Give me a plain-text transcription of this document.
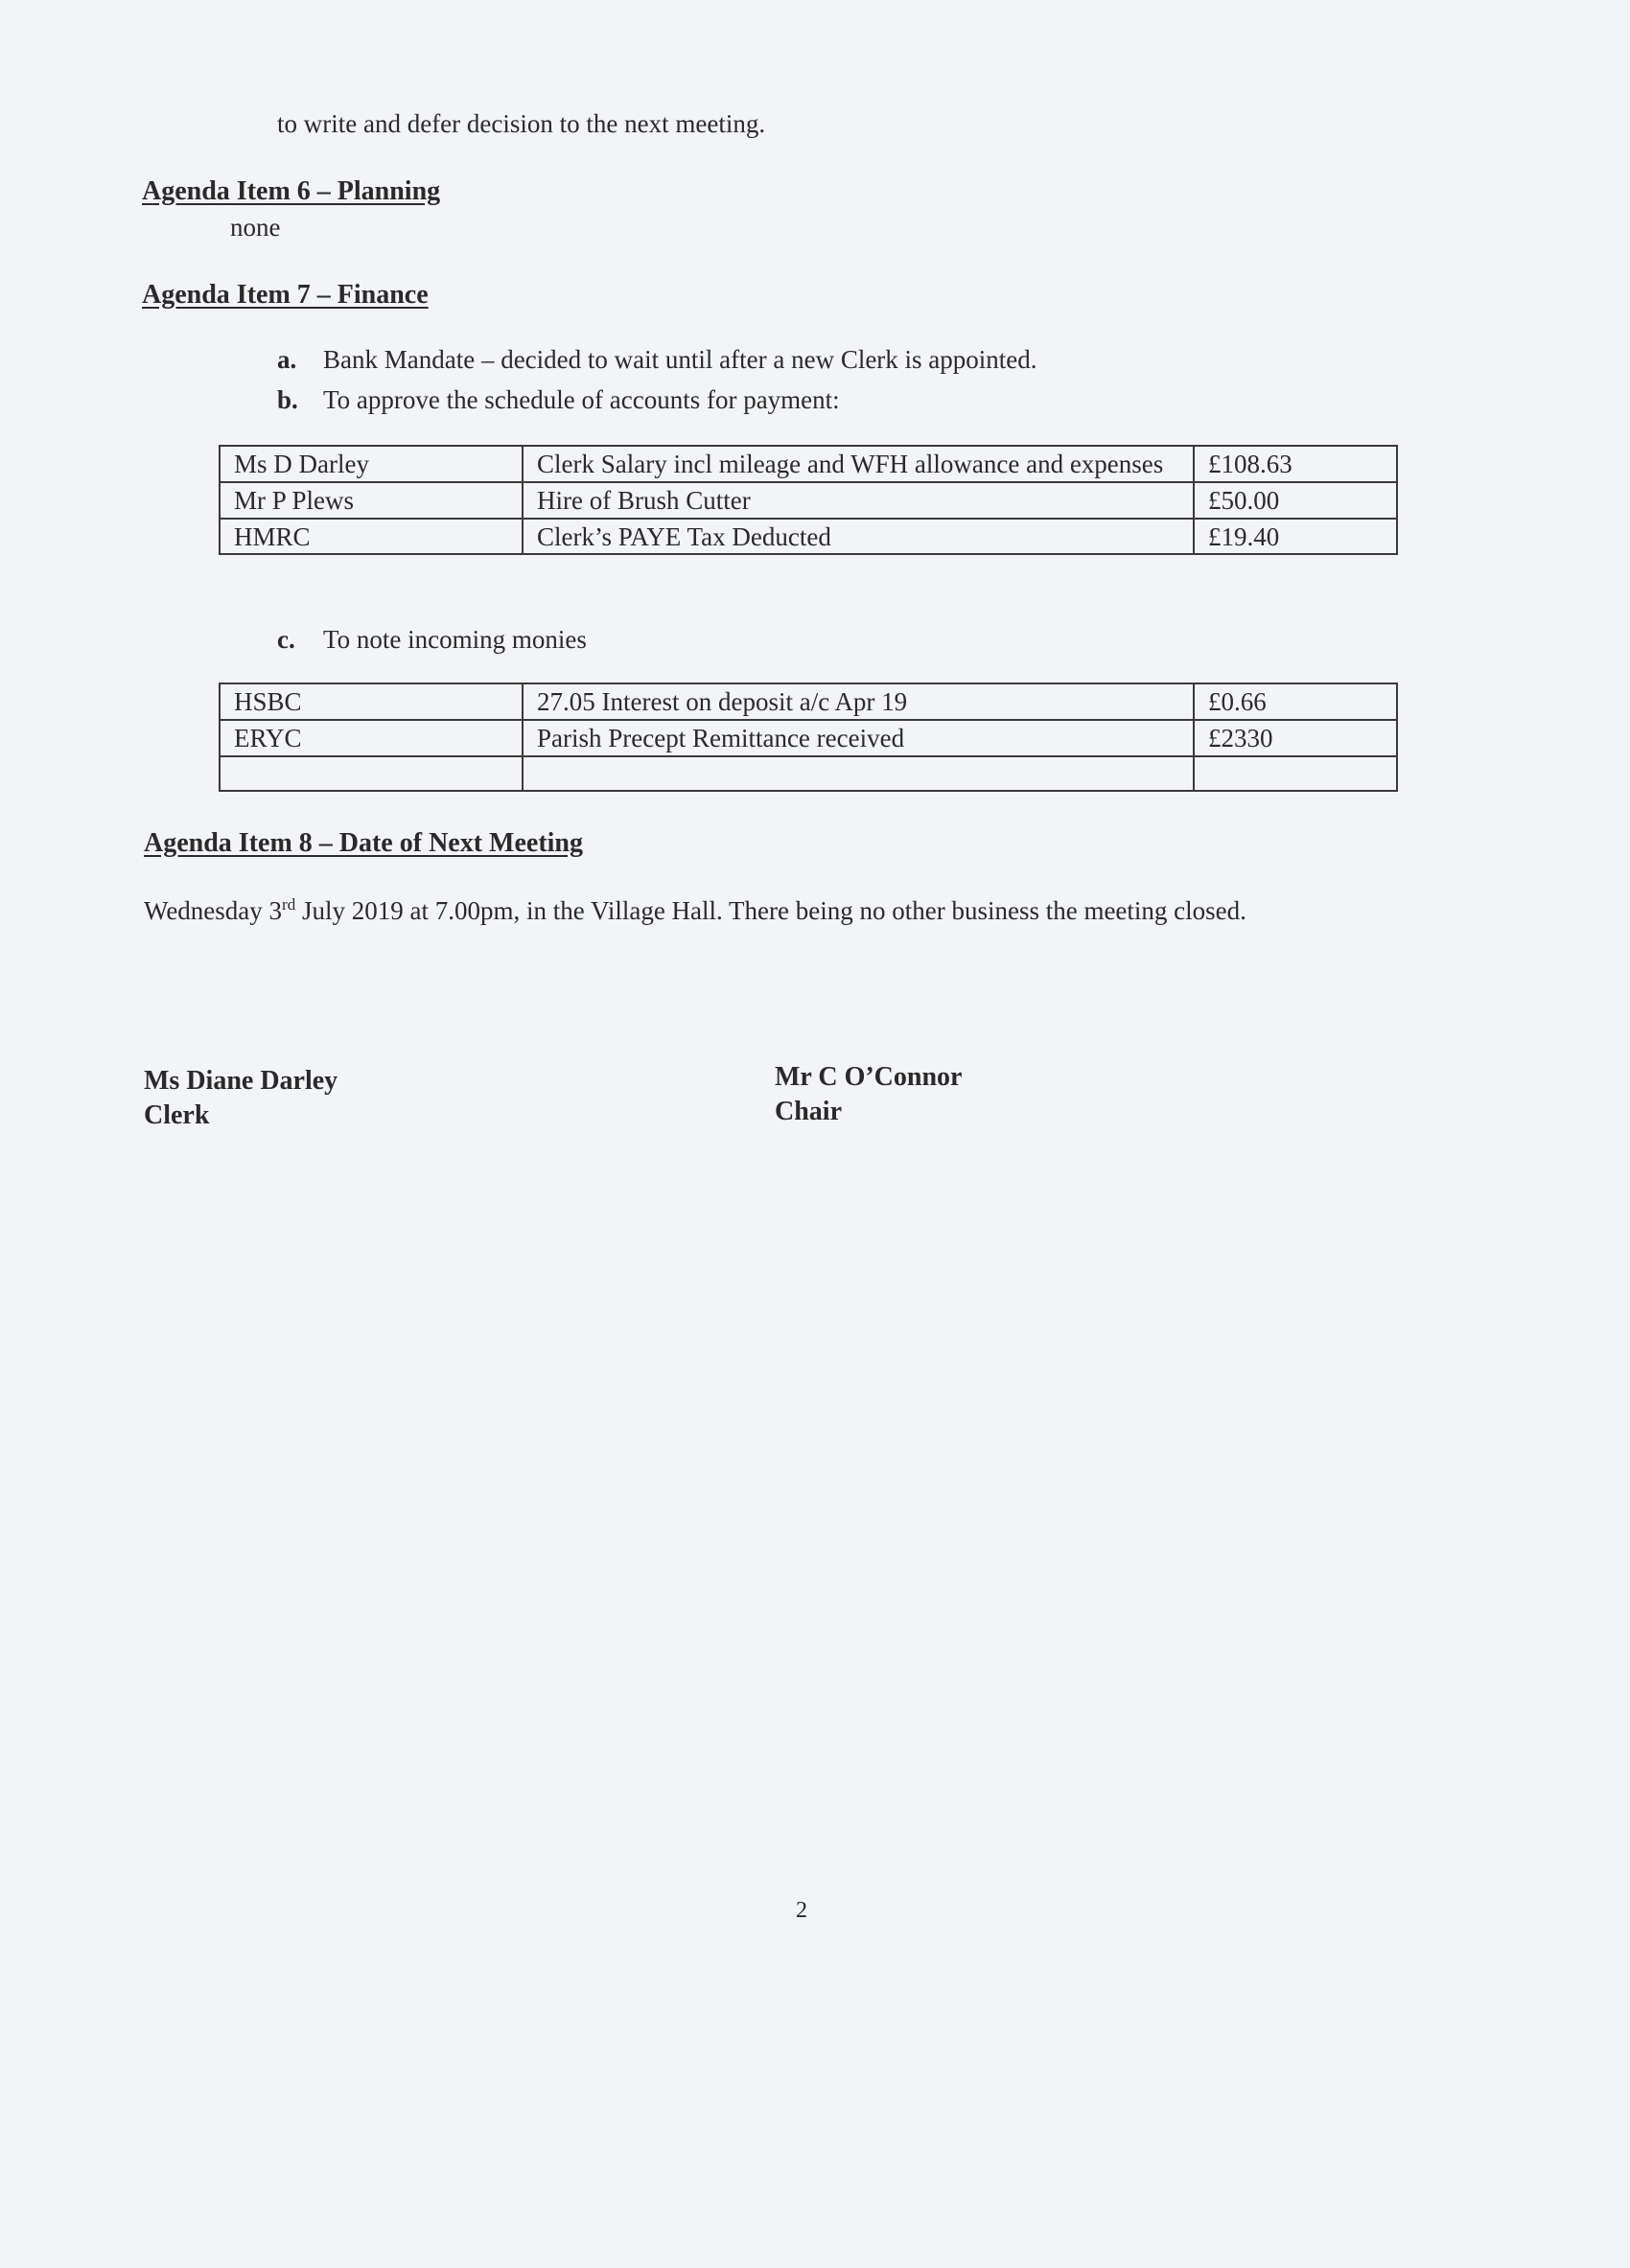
to write and defer decision to the next meeting.
Agenda Item 6 – Planning
none
Agenda Item 7 – Finance
a. Bank Mandate – decided to wait until after a new Clerk is appointed.
b. To approve the schedule of accounts for payment:
Ms D Darley	Clerk Salary incl mileage and WFH allowance and expenses	£108.63
Mr P Plews	Hire of Brush Cutter	£50.00
HMRC	Clerk’s PAYE Tax Deducted	£19.40
c. To note incoming monies
HSBC	27.05 Interest on deposit a/c Apr 19	£0.66
ERYC	Parish Precept Remittance received	£2330

Agenda Item 8 – Date of Next Meeting
Wednesday 3rd July 2019 at 7.00pm, in the Village Hall. There being no other business the meeting closed.
Ms Diane Darley
Clerk
Mr C O’Connor
Chair
2
